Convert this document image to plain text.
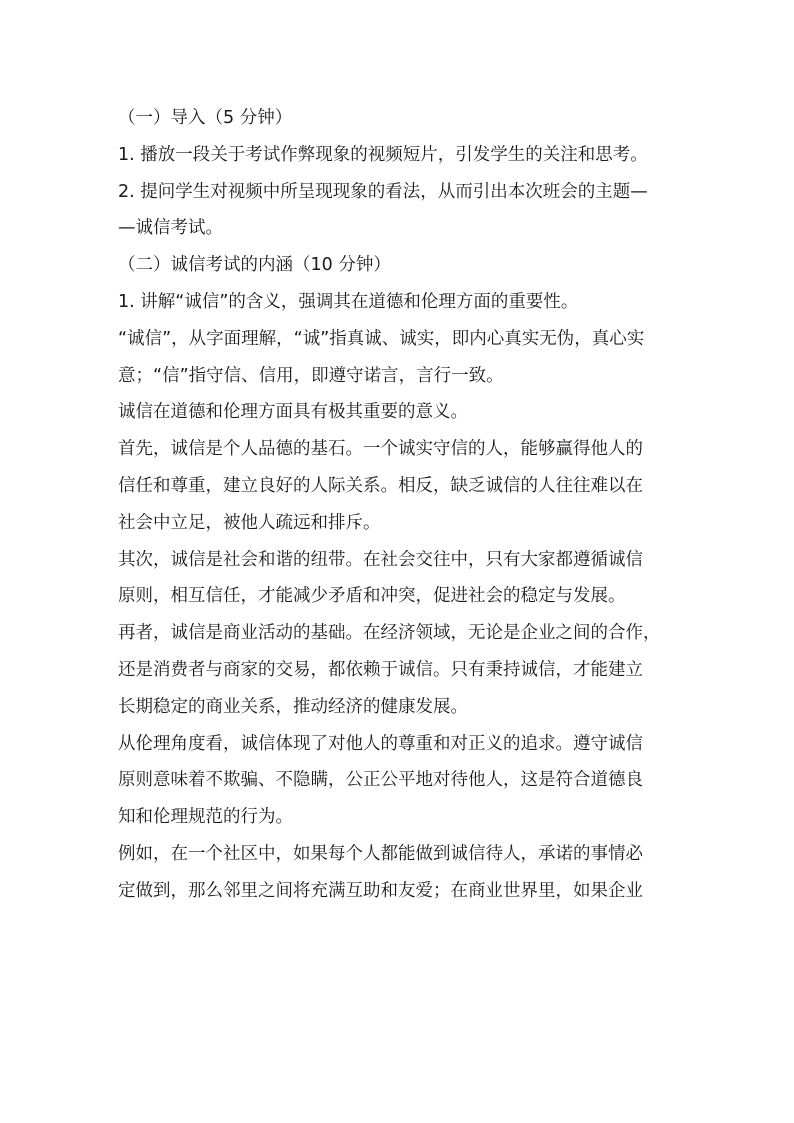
（一）导入（5 分钟）
1. 播放一段关于考试作弊现象的视频短片，引发学生的关注和思考。
2. 提问学生对视频中所呈现现象的看法，从而引出本次班会的主题—
—诚信考试。
（二）诚信考试的内涵（10 分钟）
1. 讲解“诚信”的含义，强调其在道德和伦理方面的重要性。
“诚信”，从字面理解，“诚”指真诚、诚实，即内心真实无伪，真心实
意；“信”指守信、信用，即遵守诺言，言行一致。
诚信在道德和伦理方面具有极其重要的意义。
首先，诚信是个人品德的基石。一个诚实守信的人，能够赢得他人的
信任和尊重，建立良好的人际关系。相反，缺乏诚信的人往往难以在
社会中立足，被他人疏远和排斥。
其次，诚信是社会和谐的纽带。在社会交往中，只有大家都遵循诚信
原则，相互信任，才能减少矛盾和冲突，促进社会的稳定与发展。
再者，诚信是商业活动的基础。在经济领域，无论是企业之间的合作，
还是消费者与商家的交易，都依赖于诚信。只有秉持诚信，才能建立
长期稳定的商业关系，推动经济的健康发展。
从伦理角度看，诚信体现了对他人的尊重和对正义的追求。遵守诚信
原则意味着不欺骗、不隐瞒，公正公平地对待他人，这是符合道德良
知和伦理规范的行为。
例如，在一个社区中，如果每个人都能做到诚信待人，承诺的事情必
定做到，那么邻里之间将充满互助和友爱；在商业世界里，如果企业
